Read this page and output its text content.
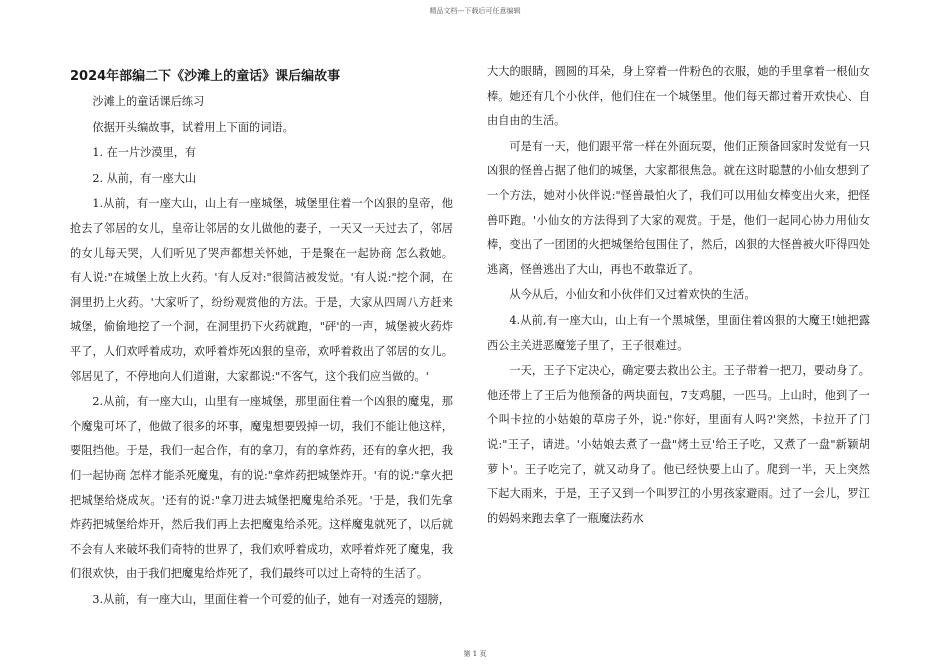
精品文档---下载后可任意编辑
2024年部编二下《沙滩上的童话》课后编故事

沙滩上的童话课后练习

依据开头编故事，试着用上下面的词语。

1. 在一片沙漠里，有

2. 从前，有一座大山

1.从前，有一座大山，山上有一座城堡，城堡里住着一个凶狠的皇帝，他抢去了邻居的女儿，皇帝让邻居的女儿做他的妻子，一天又一天过去了，邻居的女儿每天哭，人们听见了哭声都想关怀她，于是聚在一起协商 怎么救她。有人说:"在城堡上放上火药。'有人反对:"很简洁被发觉。'有人说:"挖个洞，在洞里扔上火药。'大家听了，纷纷观赏他的方法。于是，大家从四周八方赶来城堡，偷偷地挖了一个洞，在洞里扔下火药就跑，"砰'的一声，城堡被火药炸平了，人们欢呼着成功，欢呼着炸死凶狠的皇帝，欢呼着救出了邻居的女儿。邻居见了，不停地向人们道谢，大家都说:"不客气，这个我们应当做的。'

2.从前，有一座大山，山里有一座城堡，那里面住着一个凶狠的魔鬼，那个魔鬼可坏了，他做了很多的坏事，魔鬼想要毁掉一切，我们不能让他这样，要阻挡他。于是，我们一起合作，有的拿刀，有的拿炸药，还有的拿火把，我们一起协商 怎样才能杀死魔鬼，有的说:"拿炸药把城堡炸开。'有的说:"拿火把把城堡给烧成灰。'还有的说:"拿刀进去城堡把魔鬼给杀死。'于是，我们先拿炸药把城堡给炸开，然后我们再上去把魔鬼给杀死。这样魔鬼就死了，以后就不会有人来破坏我们奇特的世界了，我们欢呼着成功，欢呼着炸死了魔鬼，我们很欢快，由于我们把魔鬼给炸死了，我们最终可以过上奇特的生活了。

3.从前，有一座大山，里面住着一个可爱的仙子，她有一对透亮的翅膀，

大大的眼睛，圆圆的耳朵，身上穿着一件粉色的衣服，她的手里拿着一根仙女棒。她还有几个小伙伴，他们住在一个城堡里。他们每天都过着开欢快心、自由自由的生活。

可是有一天，他们跟平常一样在外面玩耍，他们正预备回家时发觉有一只凶狠的怪兽占据了他们的城堡，大家都很焦急。就在这时聪慧的小仙女想到了一个方法，她对小伙伴说:"怪兽最怕火了，我们可以用仙女棒变出火来，把怪兽吓跑。'小仙女的方法得到了大家的观赏。于是，他们一起同心协力用仙女棒，变出了一团团的火把城堡给包围住了，然后，凶狠的大怪兽被火吓得四处逃离，怪兽逃出了大山，再也不敢靠近了。

从今从后，小仙女和小伙伴们又过着欢快的生活。

4.从前,有一座大山，山上有一个黑城堡，里面住着凶狠的大魔王!她把露西公主关进恶魔笼子里了，王子很难过。

一天，王子下定决心，确定要去救出公主。王子带着一把刀，要动身了。他还带上了王后为他预备的两块面包，7支鸡腿，一匹马。上山时，他到了一个叫卡拉的小姑娘的草房子外，说:"你好，里面有人吗?'突然，卡拉开了门说:"王子，请进。'小姑娘去煮了一盘"烤土豆'给王子吃，又煮了一盘"新颖胡萝卜'。王子吃完了，就又动身了。他已经快要上山了。爬到一半，天上突然下起大雨来，于是，王子又到一个叫罗江的小男孩家避雨。过了一会儿，罗江的妈妈来跑去拿了一瓶魔法药水

第 1 页
